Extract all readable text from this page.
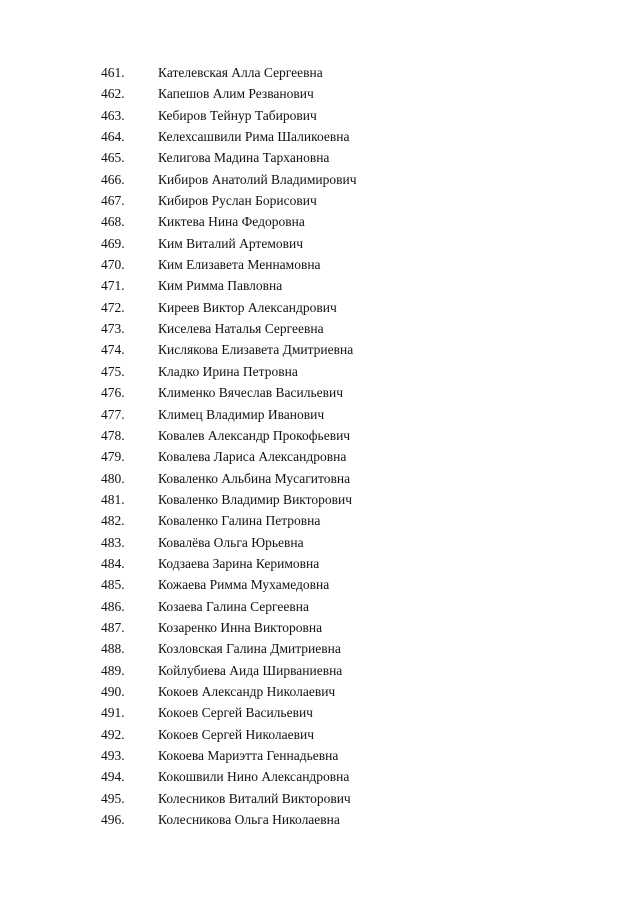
461.	Кателевская Алла Сергеевна
462.	Капешов Алим Резванович
463.	Кебиров Тейнур Табирович
464.	Келехсашвили Рима Шаликоевна
465.	Келигова Мадина Тархановна
466.	Кибиров Анатолий Владимирович
467.	Кибиров Руслан Борисович
468.	Киктева Нина Федоровна
469.	Ким Виталий Артемович
470.	Ким Елизавета Меннамовна
471.	Ким Римма Павловна
472.	Киреев Виктор Александрович
473.	Киселева Наталья Сергеевна
474.	Кислякова Елизавета Дмитриевна
475.	Кладко Ирина Петровна
476.	Клименко Вячеслав Васильевич
477.	Климец Владимир Иванович
478.	Ковалев Александр Прокофьевич
479.	Ковалева Лариса Александровна
480.	Коваленко Альбина Мусагитовна
481.	Коваленко Владимир Викторович
482.	Коваленко Галина Петровна
483.	Ковалёва Ольга Юрьевна
484.	Кодзаева Зарина Керимовна
485.	Кожаева Римма Мухамедовна
486.	Козаева Галина Сергеевна
487.	Козаренко Инна Викторовна
488.	Козловская Галина Дмитриевна
489.	Койлубиева Аида Ширваниевна
490.	Кокоев Александр Николаевич
491.	Кокоев Сергей Васильевич
492.	Кокоев Сергей Николаевич
493.	Кокоева Мариэтта Геннадьевна
494.	Кокошвили Нино Александровна
495.	Колесников Виталий Викторович
496.	Колесникова Ольга Николаевна
